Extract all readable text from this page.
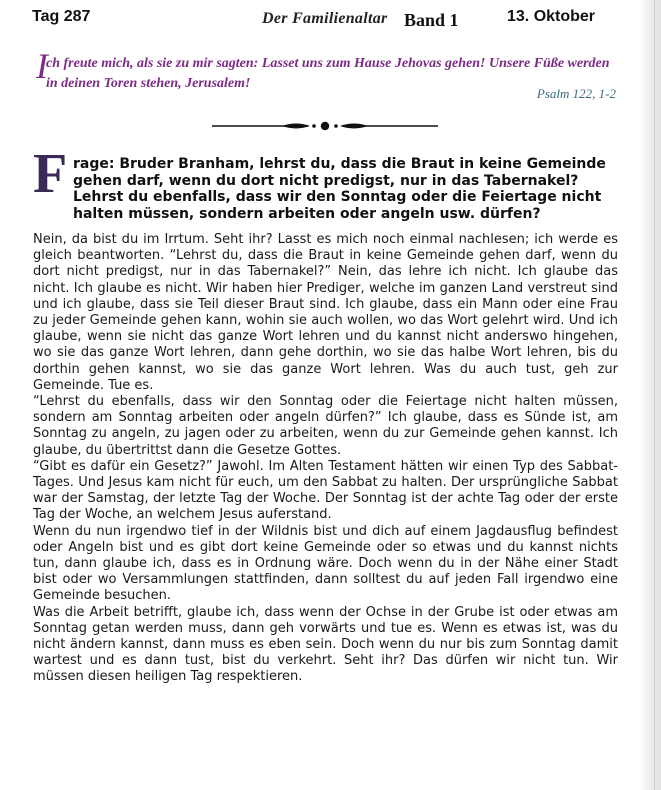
Tag 287	Der Familienaltar Band 1	13. Oktober
I

ch freute mich, als sie zu mir sagten: Lasset uns zum Hause Jehovas gehen! Unsere Füße werden in deinen Toren stehen, Jerusalem!

Psalm 122, 1-2
F rage: Bruder Branham, lehrst du, dass die Braut in keine Gemeinde gehen darf, wenn du dort nicht predigst, nur in das Tabernakel? Lehrst du ebenfalls, dass wir den Sonntag oder die Feiertage nicht halten müssen, sondern arbeiten oder angeln usw. dürfen?

Nein, da bist du im Irrtum. Seht ihr? Lasst es mich noch einmal nachlesen; ich werde es gleich beantworten. “Lehrst du, dass die Braut in keine Gemeinde gehen darf, wenn du dort nicht predigst, nur in das Tabernakel?” Nein, das lehre ich nicht. Ich glaube das nicht. Ich glaube es nicht. Wir haben hier Prediger, welche im ganzen Land verstreut sind und ich glaube, dass sie Teil dieser Braut sind. Ich glaube, dass ein Mann oder eine Frau zu jeder Gemeinde gehen kann, wohin sie auch wollen, wo das Wort gelehrt wird. Und ich glaube, wenn sie nicht das ganze Wort lehren und du kannst nicht anderswo hingehen, wo sie das ganze Wort lehren, dann gehe dorthin, wo sie das halbe Wort lehren, bis du dorthin gehen kannst, wo sie das ganze Wort lehren. Was du auch tust, geh zur Gemeinde. Tue es.

“Lehrst du ebenfalls, dass wir den Sonntag oder die Feiertage nicht halten müssen, sondern am Sonntag arbeiten oder angeln dürfen?” Ich glaube, dass es Sünde ist, am Sonntag zu angeln, zu jagen oder zu arbeiten, wenn du zur Gemeinde gehen kannst. Ich glaube, du übertrittst dann die Gesetze Gottes.

“Gibt es dafür ein Gesetz?” Jawohl. Im Alten Testament hätten wir einen Typ des Sabbat-Tages. Und Jesus kam nicht für euch, um den Sabbat zu halten. Der ursprüngliche Sabbat war der Samstag, der letzte Tag der Woche. Der Sonntag ist der achte Tag oder der erste Tag der Woche, an welchem Jesus auferstand.

Wenn du nun irgendwo tief in der Wildnis bist und dich auf einem Jagdausflug befindest oder Angeln bist und es gibt dort keine Gemeinde oder so etwas und du kannst nichts tun, dann glaube ich, dass es in Ordnung wäre. Doch wenn du in der Nähe einer Stadt bist oder wo Versammlungen stattfinden, dann solltest du auf jeden Fall irgendwo eine Gemeinde besuchen.

Was die Arbeit betrifft, glaube ich, dass wenn der Ochse in der Grube ist oder etwas am Sonntag getan werden muss, dann geh vorwärts und tue es. Wenn es etwas ist, was du nicht ändern kannst, dann muss es eben sein. Doch wenn du nur bis zum Sonntag damit wartest und es dann tust, bist du verkehrt. Seht ihr? Das dürfen wir nicht tun. Wir müssen diesen heiligen Tag respektieren.
